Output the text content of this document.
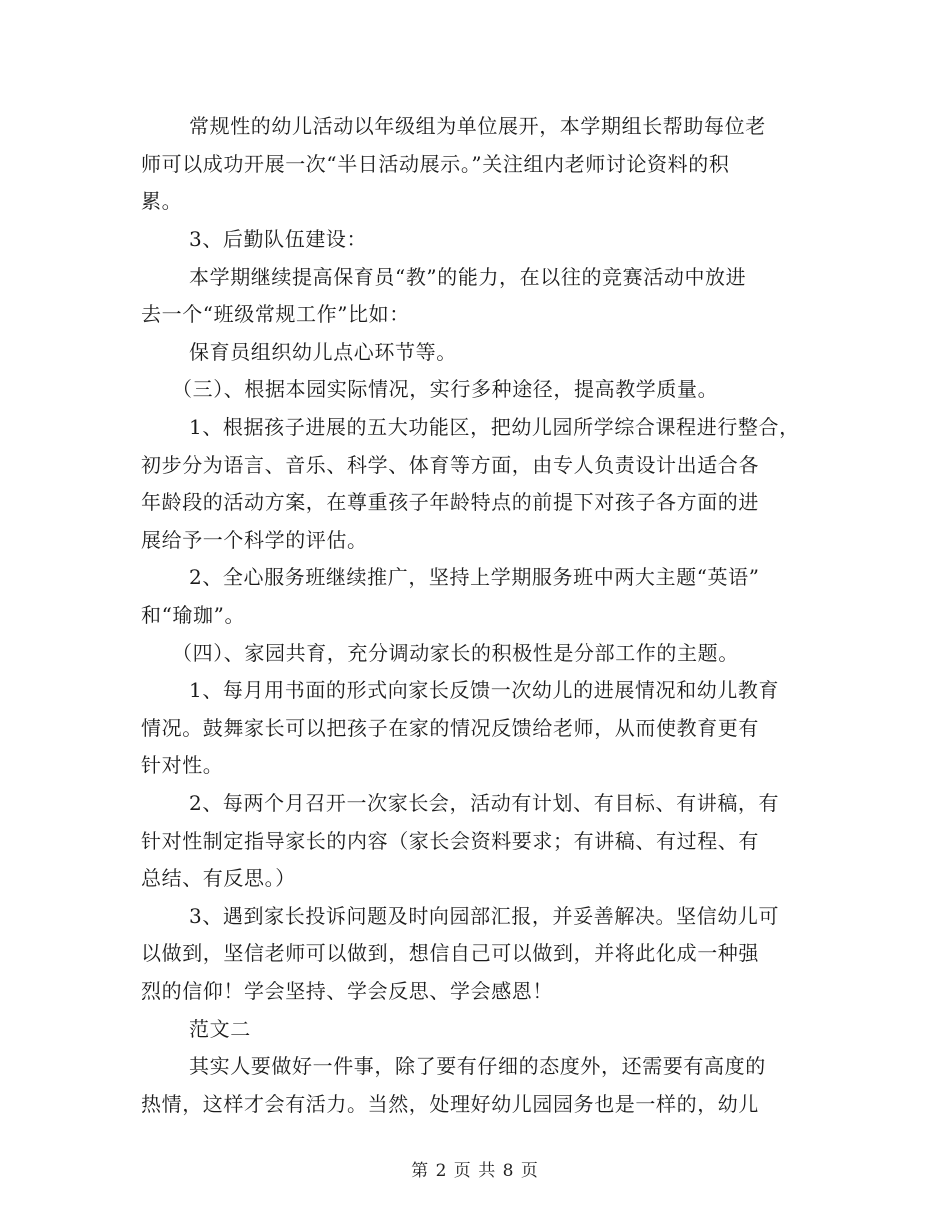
常规性的幼儿活动以年级组为单位展开，本学期组长帮助每位老
师可以成功开展一次“半日活动展示。”关注组内老师讨论资料的积
累。
3、后勤队伍建设：
本学期继续提高保育员“教”的能力，在以往的竞赛活动中放进
去一个“班级常规工作”比如：
保育员组织幼儿点心环节等。
（三）、根据本园实际情况，实行多种途径，提高教学质量。
1、根据孩子进展的五大功能区，把幼儿园所学综合课程进行整合，
初步分为语言、音乐、科学、体育等方面，由专人负责设计出适合各
年龄段的活动方案，在尊重孩子年龄特点的前提下对孩子各方面的进
展给予一个科学的评估。
2、全心服务班继续推广，坚持上学期服务班中两大主题“英语”
和“瑜珈”。
（四）、家园共育，充分调动家长的积极性是分部工作的主题。
1、每月用书面的形式向家长反馈一次幼儿的进展情况和幼儿教育
情况。鼓舞家长可以把孩子在家的情况反馈给老师，从而使教育更有
针对性。
2、每两个月召开一次家长会，活动有计划、有目标、有讲稿，有
针对性制定指导家长的内容（家长会资料要求；有讲稿、有过程、有
总结、有反思。）
3、遇到家长投诉问题及时向园部汇报，并妥善解决。坚信幼儿可
以做到，坚信老师可以做到，想信自己可以做到，并将此化成一种强
烈的信仰！学会坚持、学会反思、学会感恩！
范文二
其实人要做好一件事，除了要有仔细的态度外，还需要有高度的
热情，这样才会有活力。当然，处理好幼儿园园务也是一样的，幼儿
第 2 页 共 8 页
